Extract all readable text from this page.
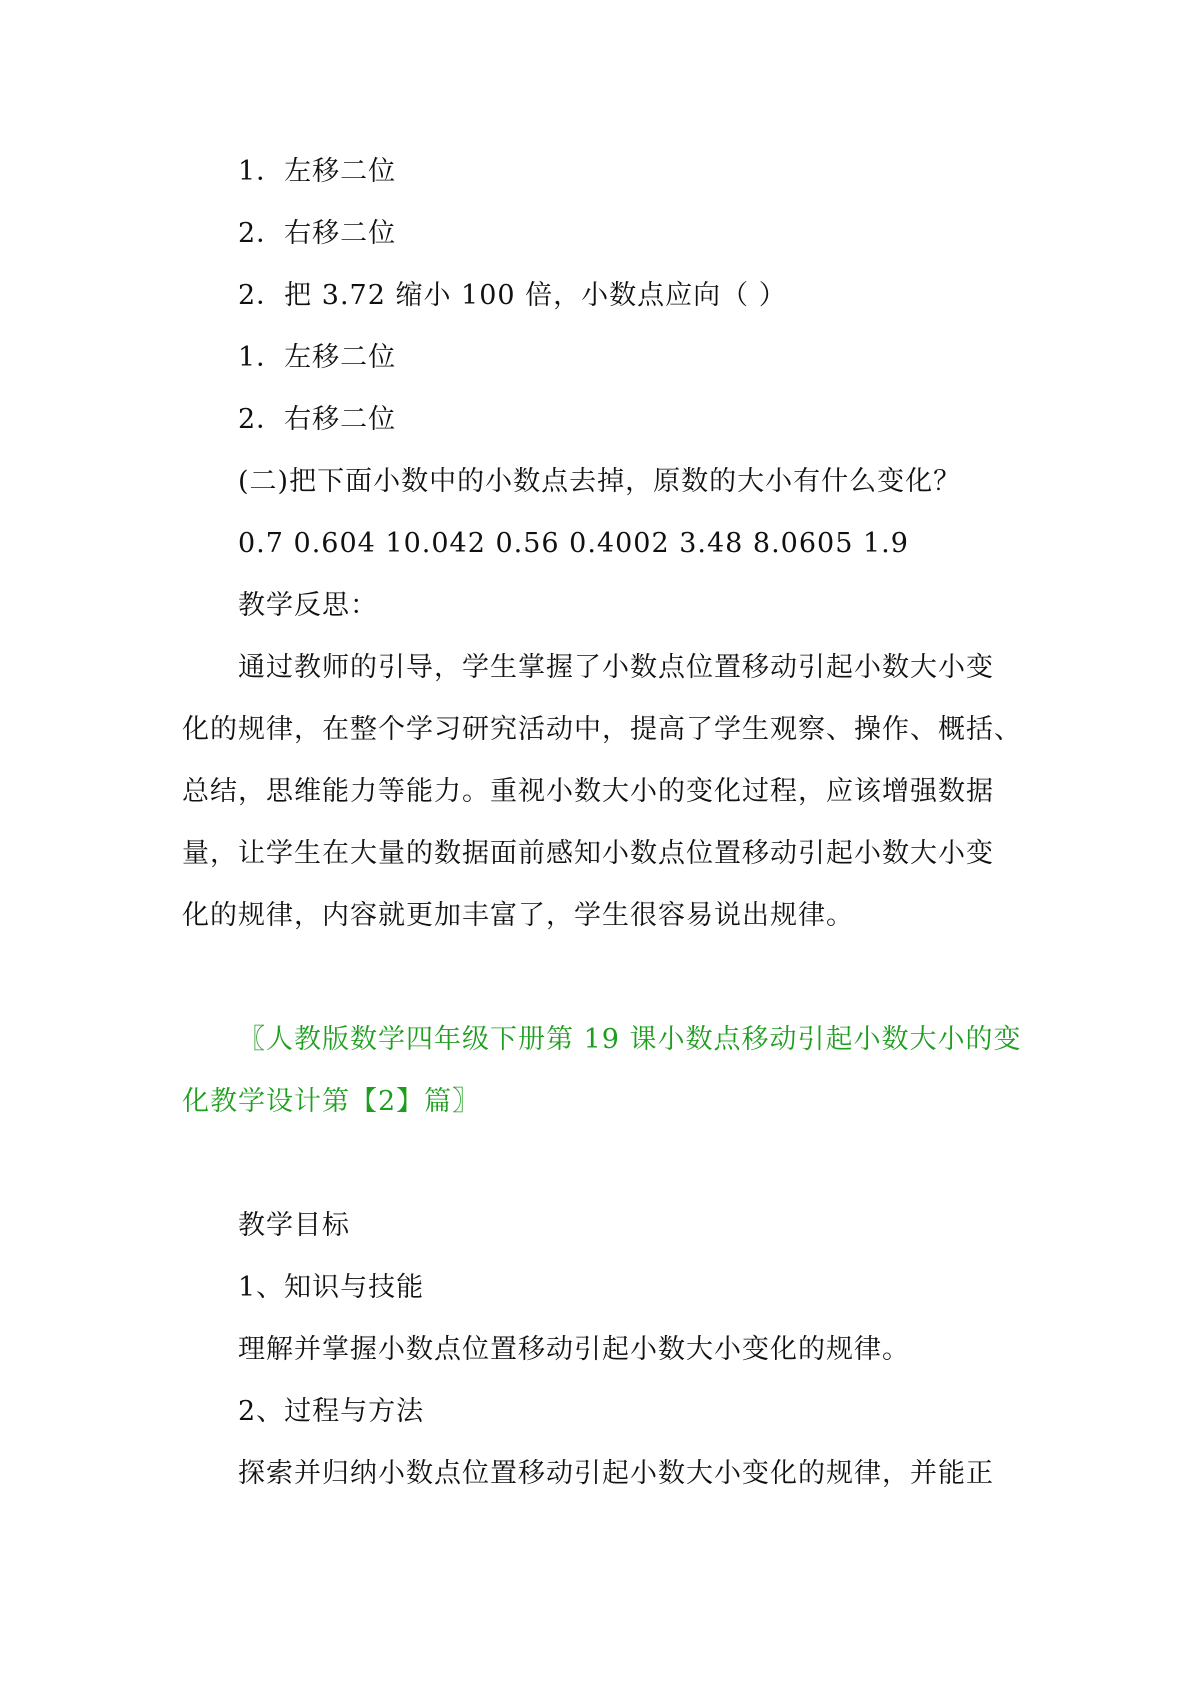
1．左移二位
2．右移二位
2．把 3.72 缩小 100 倍，小数点应向（ ）
1．左移二位
2．右移二位
(二)把下面小数中的小数点去掉，原数的大小有什么变化？
0.7 0.604 10.042 0.56 0.4002 3.48 8.0605 1.9
教学反思：
通过教师的引导，学生掌握了小数点位置移动引起小数大小变
化的规律，在整个学习研究活动中，提高了学生观察、操作、概括、
总结，思维能力等能力。重视小数大小的变化过程，应该增强数据
量，让学生在大量的数据面前感知小数点位置移动引起小数大小变
化的规律，内容就更加丰富了，学生很容易说出规律。
〖人教版数学四年级下册第 19 课小数点移动引起小数大小的变
化教学设计第【2】篇〗
教学目标
1、知识与技能
理解并掌握小数点位置移动引起小数大小变化的规律。
2、过程与方法
探索并归纳小数点位置移动引起小数大小变化的规律，并能正
